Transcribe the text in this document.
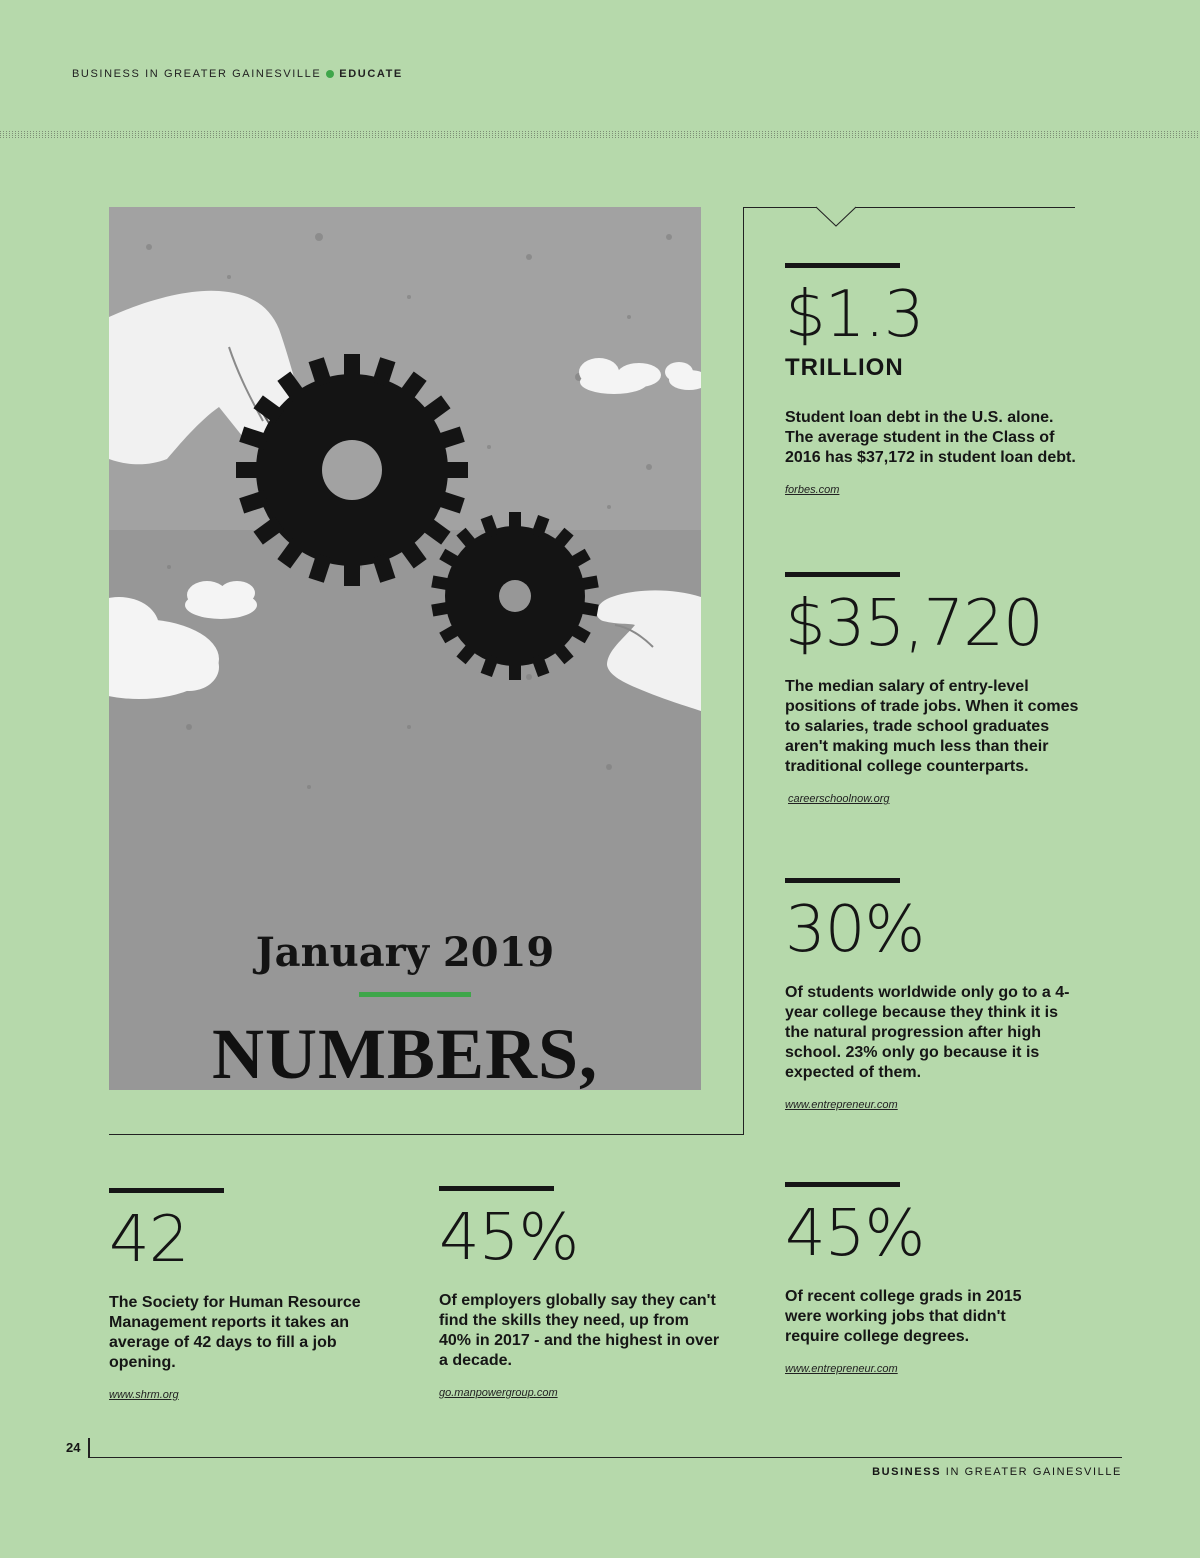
BUSINESS IN GREATER GAINESVILLE EDUCATE
January 2019
NUMBERS,
$1.3
TRILLION
Student loan debt in the U.S. alone. The average student in the Class of 2016 has $37,172 in student loan debt.
forbes.com
$35,720
The median salary of entry-level positions of trade jobs. When it comes to salaries, trade school graduates aren't making much less than their traditional college counterparts.
careerschoolnow.org
30%
Of students worldwide only go to a 4-year college because they think it is the natural progression after high school. 23% only go because it is expected of them.
www.entrepreneur.com
42
The Society for Human Resource Management reports it takes an average of 42 days to fill a job opening.
www.shrm.org
45%
Of employers globally say they can't find the skills they need, up from 40% in 2017 - and the highest in over a decade.
go.manpowergroup.com
45%
Of recent college grads in 2015 were working jobs that didn't require college degrees.
www.entrepreneur.com
24
BUSINESS IN GREATER GAINESVILLE
